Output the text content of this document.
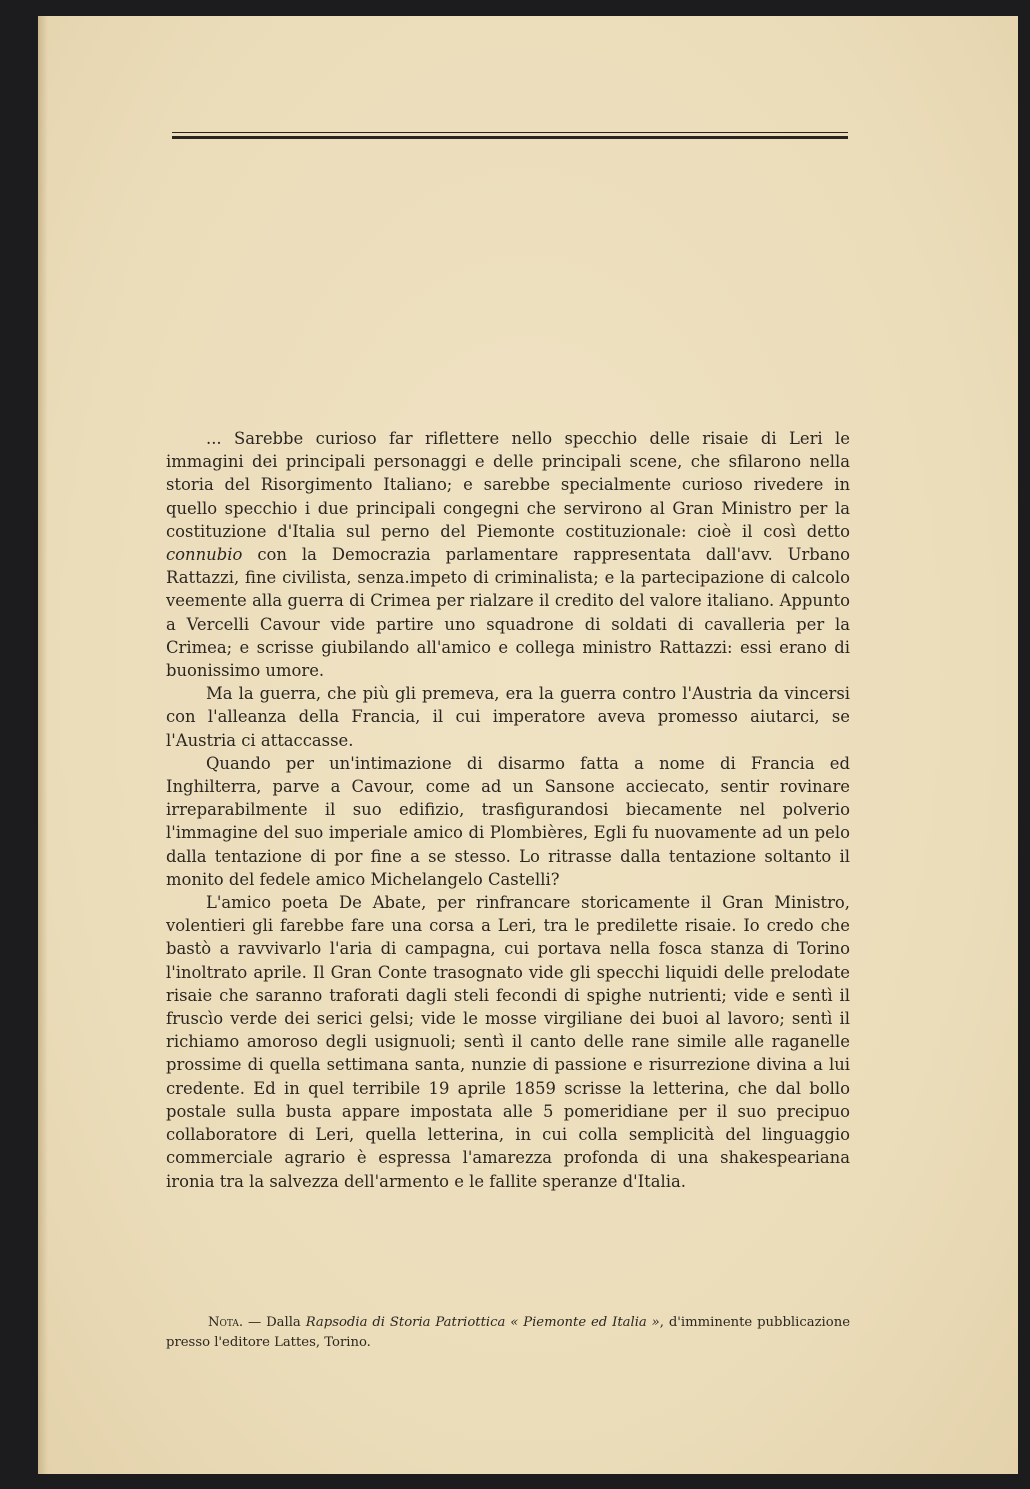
... Sarebbe curioso far riflettere nello specchio delle risaie di Leri le immagini dei principali personaggi e delle principali scene, che sfilarono nella storia del Risorgimento Italiano; e sarebbe specialmente curioso rivedere in quello specchio i due principali congegni che servirono al Gran Ministro per la costituzione d'Italia sul perno del Piemonte costituzionale: cioè il così detto connubio con la Democrazia parlamentare rappresentata dall'avv. Urbano Rattazzi, fine civilista, senza.impeto di criminalista; e la partecipazione di calcolo veemente alla guerra di Crimea per rialzare il credito del valore italiano. Appunto a Vercelli Cavour vide partire uno squadrone di soldati di cavalleria per la Crimea; e scrisse giubilando all'amico e collega ministro Rattazzi: essi erano di buonissimo umore.

Ma la guerra, che più gli premeva, era la guerra contro l'Austria da vincersi con l'alleanza della Francia, il cui imperatore aveva promesso aiutarci, se l'Austria ci attaccasse.

Quando per un'intimazione di disarmo fatta a nome di Francia ed Inghilterra, parve a Cavour, come ad un Sansone acciecato, sentir rovinare irreparabilmente il suo edifizio, trasfigurandosi biecamente nel polverio l'immagine del suo imperiale amico di Plombières, Egli fu nuovamente ad un pelo dalla tentazione di por fine a se stesso. Lo ritrasse dalla tentazione soltanto il monito del fedele amico Michelangelo Castelli?

L'amico poeta De Abate, per rinfrancare storicamente il Gran Ministro, volentieri gli farebbe fare una corsa a Leri, tra le predilette risaie. Io credo che bastò a ravvivarlo l'aria di campagna, cui portava nella fosca stanza di Torino l'inoltrato aprile. Il Gran Conte trasognato vide gli specchi liquidi delle prelodate risaie che saranno traforati dagli steli fecondi di spighe nutrienti; vide e sentì il fruscìo verde dei serici gelsi; vide le mosse virgiliane dei buoi al lavoro; sentì il richiamo amoroso degli usignuoli; sentì il canto delle rane simile alle raganelle prossime di quella settimana santa, nunzie di passione e risurrezione divina a lui credente. Ed in quel terribile 19 aprile 1859 scrisse la letterina, che dal bollo postale sulla busta appare impostata alle 5 pomeridiane per il suo precipuo collaboratore di Leri, quella letterina, in cui colla semplicità del linguaggio commerciale agrario è espressa l'amarezza profonda di una shakespeariana ironia tra la salvezza dell'armento e le fallite speranze d'Italia.

Nota. — Dalla Rapsodia di Storia Patriottica « Piemonte ed Italia », d'imminente pubblicazione presso l'editore Lattes, Torino.
